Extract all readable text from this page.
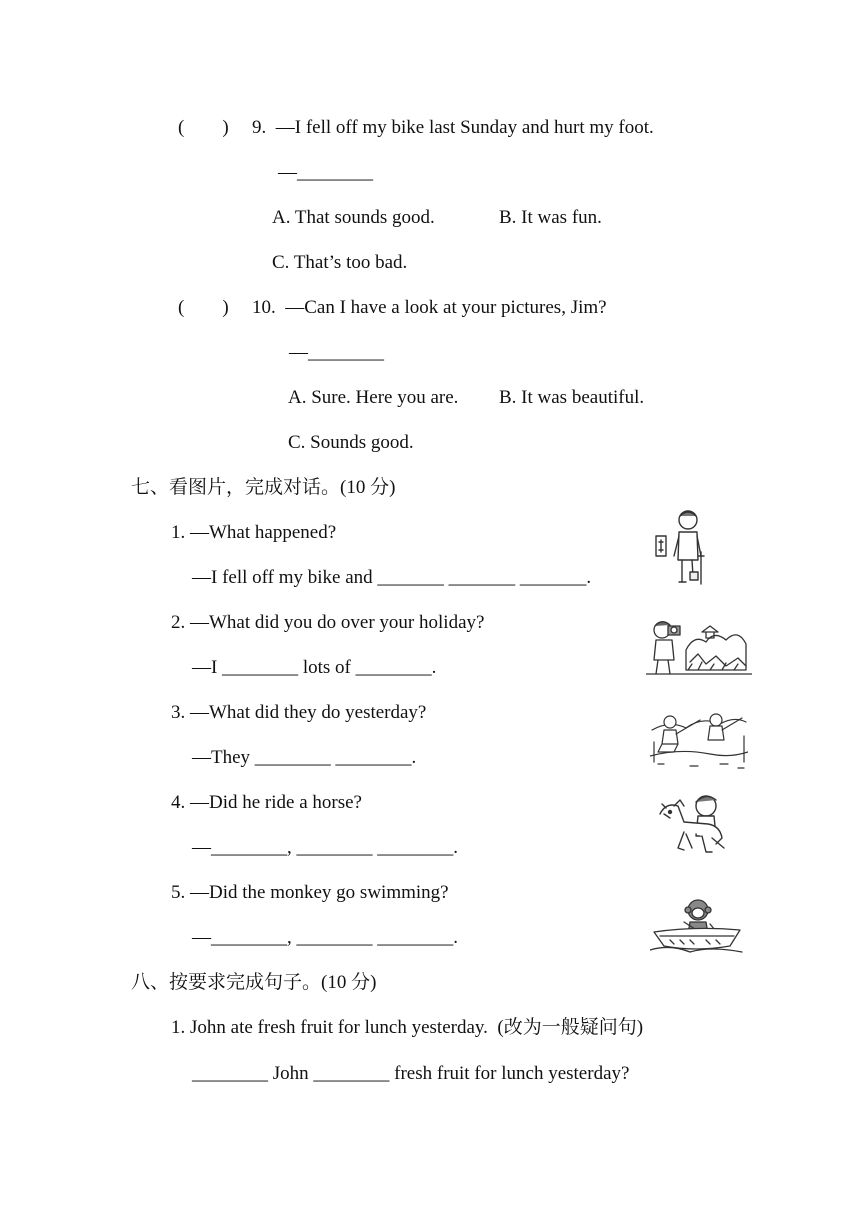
(        ) 9.  —I fell off my bike last Sunday and hurt my foot.
—________
A. That sounds good.	B. It was fun.
C. That’s too bad.
(        ) 10.  —Can I have a look at your pictures, Jim?
—________
A. Sure. Here you are. B. It was beautiful.
C. Sounds good.
七、看图片，完成对话。(10 分)
1. —What happened?
—I fell off my bike and _______ _______ _______.
2. —What did you do over your holiday?
—I ________ lots of ________.
3. —What did they do yesterday?
—They ________ ________.
4. —Did he ride a horse?
—________, ________ ________.
5. —Did the monkey go swimming?
—________, ________ ________.
八、按要求完成句子。(10 分)
1. John ate fresh fruit for lunch yesterday.  (改为一般疑问句)
________ John ________ fresh fruit for lunch yesterday?
